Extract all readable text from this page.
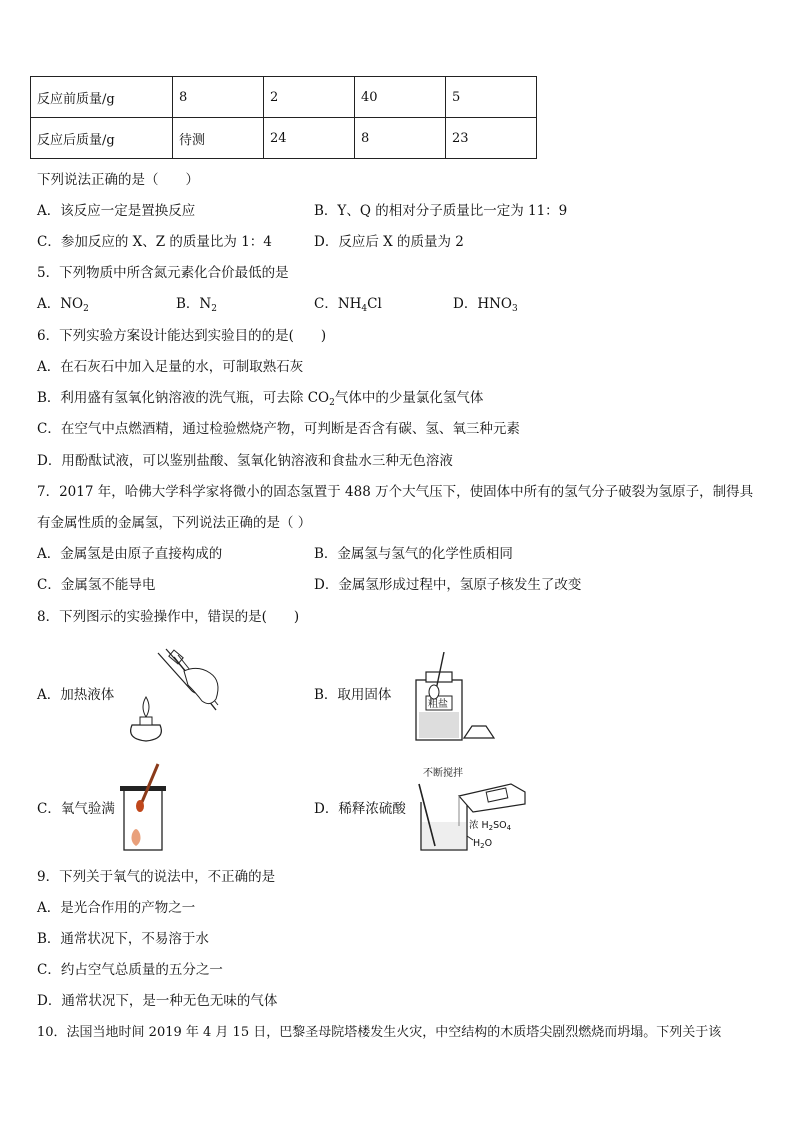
反应前质量/g	8	2	40	5
反应后质量/g	待测	24	8	23
下列说法正确的是（　　）
A．该反应一定是置换反应	B．Y、Q 的相对分子质量比一定为 11：9
C．参加反应的 X、Z 的质量比为 1：4	D．反应后 X 的质量为 2
5．下列物质中所含氮元素化合价最低的是
A．$NO_2$	B．$N_2$	C．$NH_4Cl$	D．$HNO_3$
6．下列实验方案设计能达到实验目的的是(　　)
A．在石灰石中加入足量的水，可制取熟石灰
B．利用盛有氢氧化钠溶液的洗气瓶，可去除 $CO_2$气体中的少量氯化氢气体
C．在空气中点燃酒精，通过检验燃烧产物，可判断是否含有碳、氢、氧三种元素
D．用酚酞试液，可以鉴别盐酸、氢氧化钠溶液和食盐水三种无色溶液
7．2017 年，哈佛大学科学家将微小的固态氢置于 488 万个大气压下，使固体中所有的氢气分子破裂为氢原子，制得具
有金属性质的金属氢，下列说法正确的是（ ）
A．金属氢是由原子直接构成的	B．金属氢与氢气的化学性质相同
C．金属氢不能导电	D．金属氢形成过程中，氢原子核发生了改变
8．下列图示的实验操作中，错误的是(　　)
A．加热液体	B．取用固体
C．氧气验满	D．稀释浓硫酸
粗盐
不断搅拌
浓 $H_2SO_4$
$H_2O$
9．下列关于氧气的说法中，不正确的是
A．是光合作用的产物之一
B．通常状况下，不易溶于水
C．约占空气总质量的五分之一
D．通常状况下，是一种无色无味的气体
10．法国当地时间 2019 年 4 月 15 日，巴黎圣母院塔楼发生火灾，中空结构的木质塔尖剧烈燃烧而坍塌。下列关于该
